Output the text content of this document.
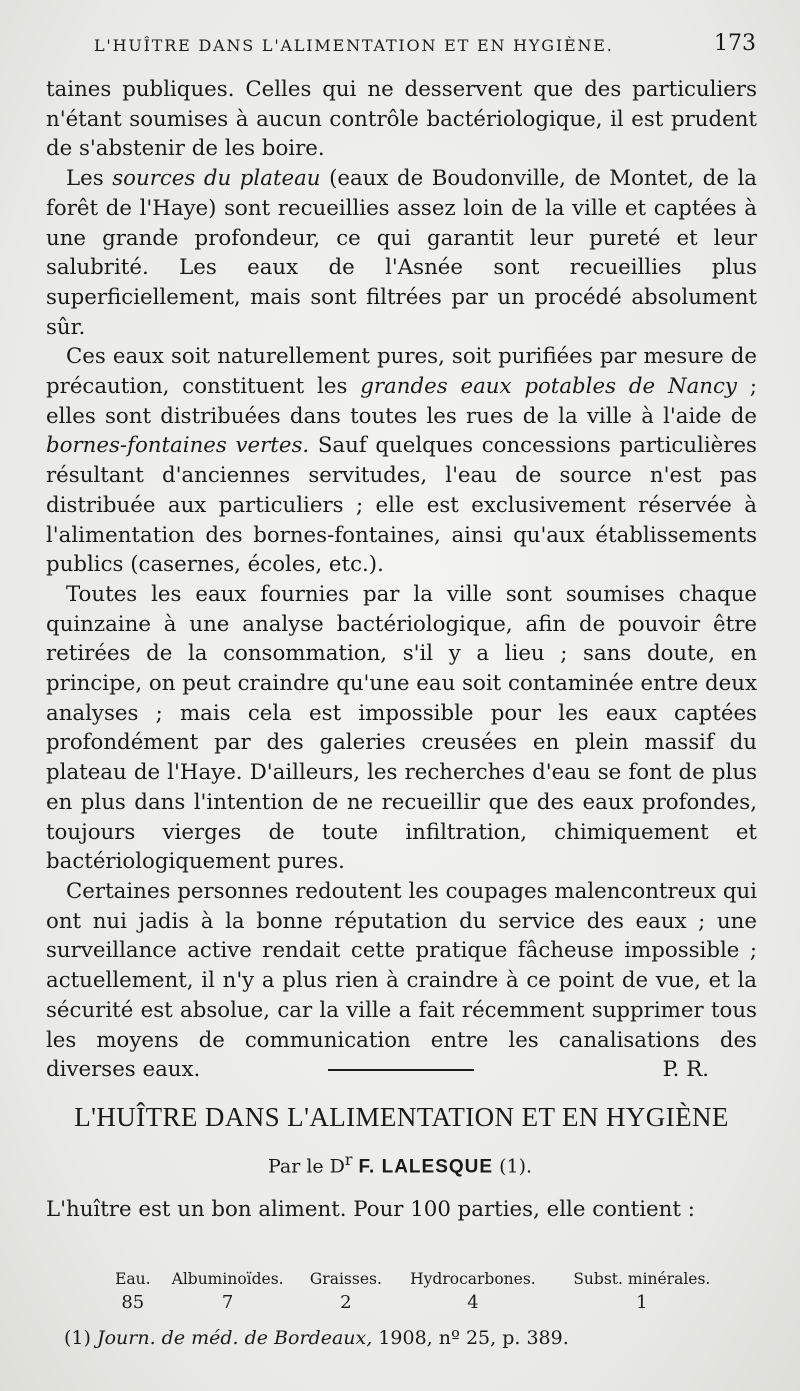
L'HUÎTRE DANS L'ALIMENTATION ET EN HYGIÈNE.	173

taines publiques. Celles qui ne desservent que des particuliers n'étant soumises à aucun contrôle bactériologique, il est prudent de s'abstenir de les boire.

Les sources du plateau (eaux de Boudonville, de Montet, de la forêt de l'Haye) sont recueillies assez loin de la ville et captées à une grande profondeur, ce qui garantit leur pureté et leur salubrité. Les eaux de l'Asnée sont recueillies plus superficiellement, mais sont filtrées par un procédé absolument sûr.

Ces eaux soit naturellement pures, soit purifiées par mesure de précaution, constituent les grandes eaux potables de Nancy ; elles sont distribuées dans toutes les rues de la ville à l'aide de bornes-fontaines vertes. Sauf quelques concessions particulières résultant d'anciennes servitudes, l'eau de source n'est pas distribuée aux particuliers ; elle est exclusivement réservée à l'alimentation des bornes-fontaines, ainsi qu'aux établissements publics (casernes, écoles, etc.).

Toutes les eaux fournies par la ville sont soumises chaque quinzaine à une analyse bactériologique, afin de pouvoir être retirées de la consommation, s'il y a lieu ; sans doute, en principe, on peut craindre qu'une eau soit contaminée entre deux analyses ; mais cela est impossible pour les eaux captées profondément par des galeries creusées en plein massif du plateau de l'Haye. D'ailleurs, les recherches d'eau se font de plus en plus dans l'intention de ne recueillir que des eaux profondes, toujours vierges de toute infiltration, chimiquement et bactériologiquement pures.

Certaines personnes redoutent les coupages malencontreux qui ont nui jadis à la bonne réputation du service des eaux ; une surveillance active rendait cette pratique fâcheuse impossible ; actuellement, il n'y a plus rien à craindre à ce point de vue, et la sécurité est absolue, car la ville a fait récemment supprimer tous les moyens de communication entre les canalisations des diverses eaux.	P. R.

L'HUÎTRE DANS L'ALIMENTATION ET EN HYGIÈNE
Par le $D^r$ F. LALESQUE (1).

L'huître est un bon aliment. Pour 100 parties, elle contient :

Eau.	Albuminoïdes.	Graisses.	Hydrocarbones.	Subst. minérales.
85	7	2	4	1
(1) Journ. de méd. de Bordeaux, 1908, nº 25, p. 389.
